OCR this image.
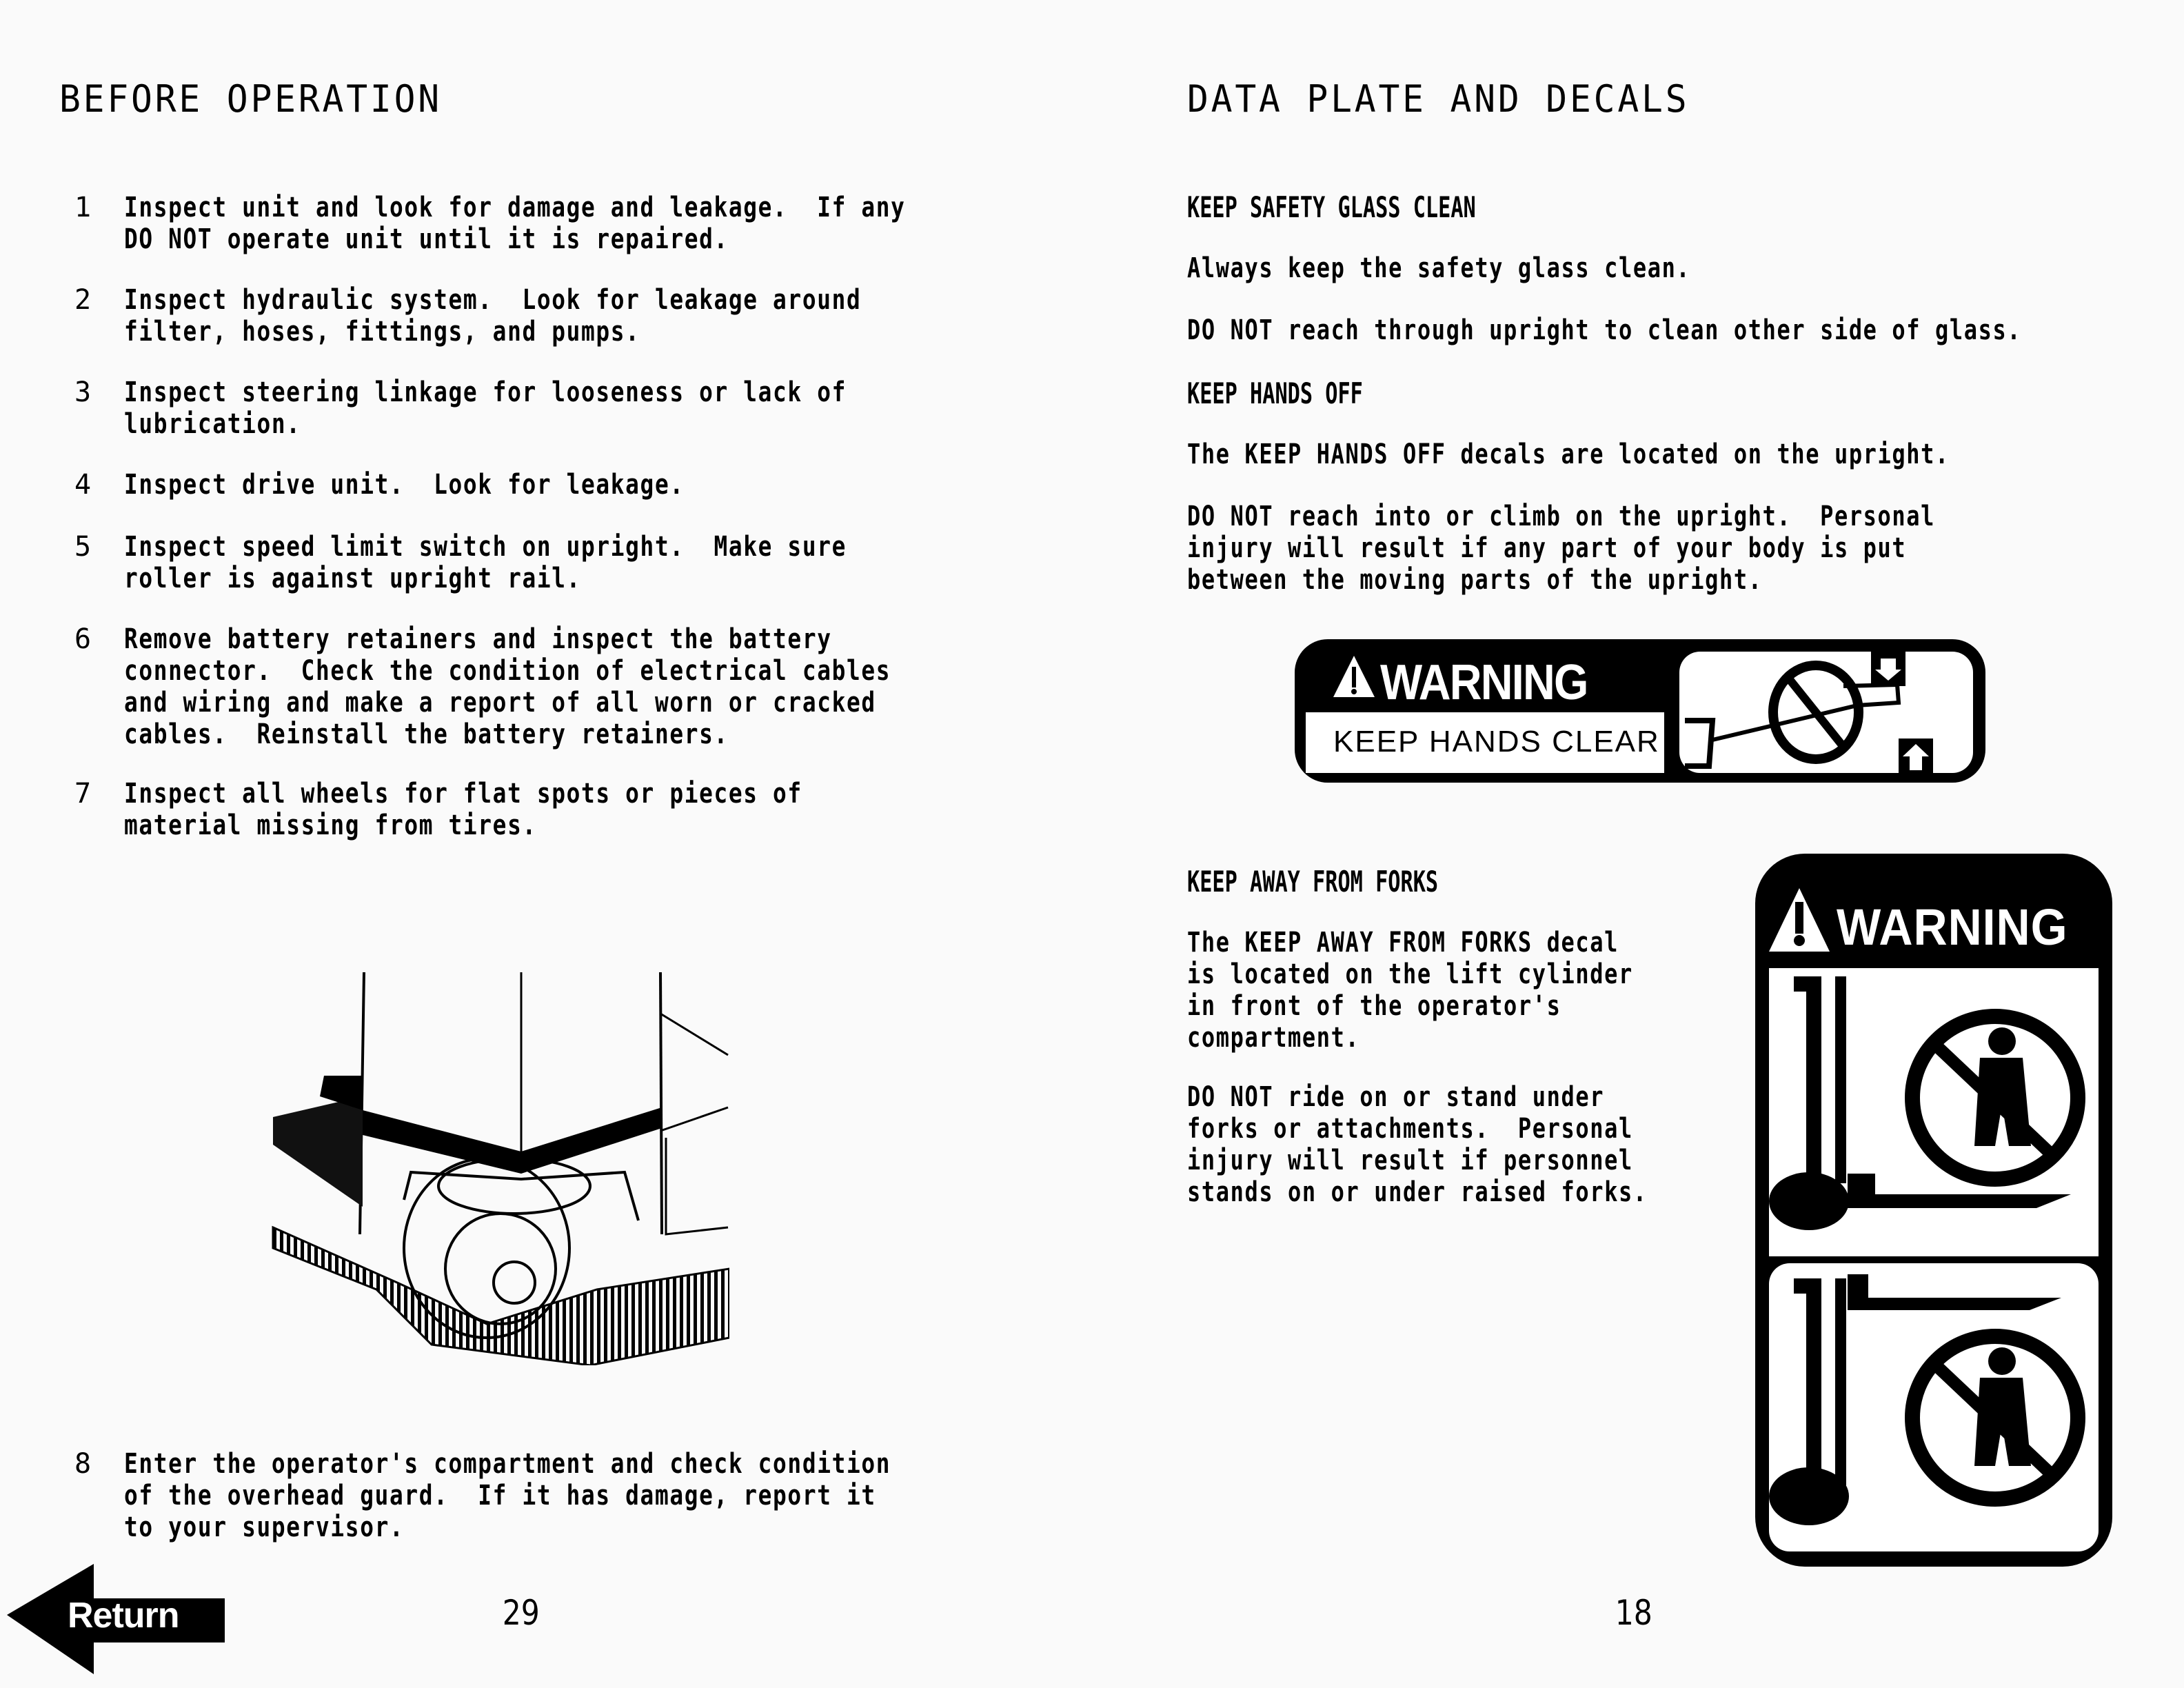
BEFORE OPERATION
1	Inspect unit and look for damage and leakage.  If any
DO NOT operate unit until it is repaired.
2	Inspect hydraulic system.  Look for leakage around
filter, hoses, fittings, and pumps.
3	Inspect steering linkage for looseness or lack of
lubrication.
4	Inspect drive unit.  Look for leakage.
5	Inspect speed limit switch on upright.  Make sure
roller is against upright rail.
6	Remove battery retainers and inspect the battery
connector.  Check the condition of electrical cables
and wiring and make a report of all worn or cracked
cables.  Reinstall the battery retainers.
7	Inspect all wheels for flat spots or pieces of
material missing from tires.
8	Enter the operator's compartment and check condition
of the overhead guard.  If it has damage, report it
to your supervisor.
Return	29
DATA PLATE AND DECALS
KEEP SAFETY GLASS CLEAN
Always keep the safety glass clean.
DO NOT reach through upright to clean other side of glass.
KEEP HANDS OFF
The KEEP HANDS OFF decals are located on the upright.
DO NOT reach into or climb on the upright.  Personal
injury will result if any part of your body is put
between the moving parts of the upright.
WARNING
KEEP HANDS CLEAR
KEEP AWAY FROM FORKS
The KEEP AWAY FROM FORKS decal
is located on the lift cylinder
in front of the operator's
compartment.
DO NOT ride on or stand under
forks or attachments.  Personal
injury will result if personnel
stands on or under raised forks.
WARNING
18
